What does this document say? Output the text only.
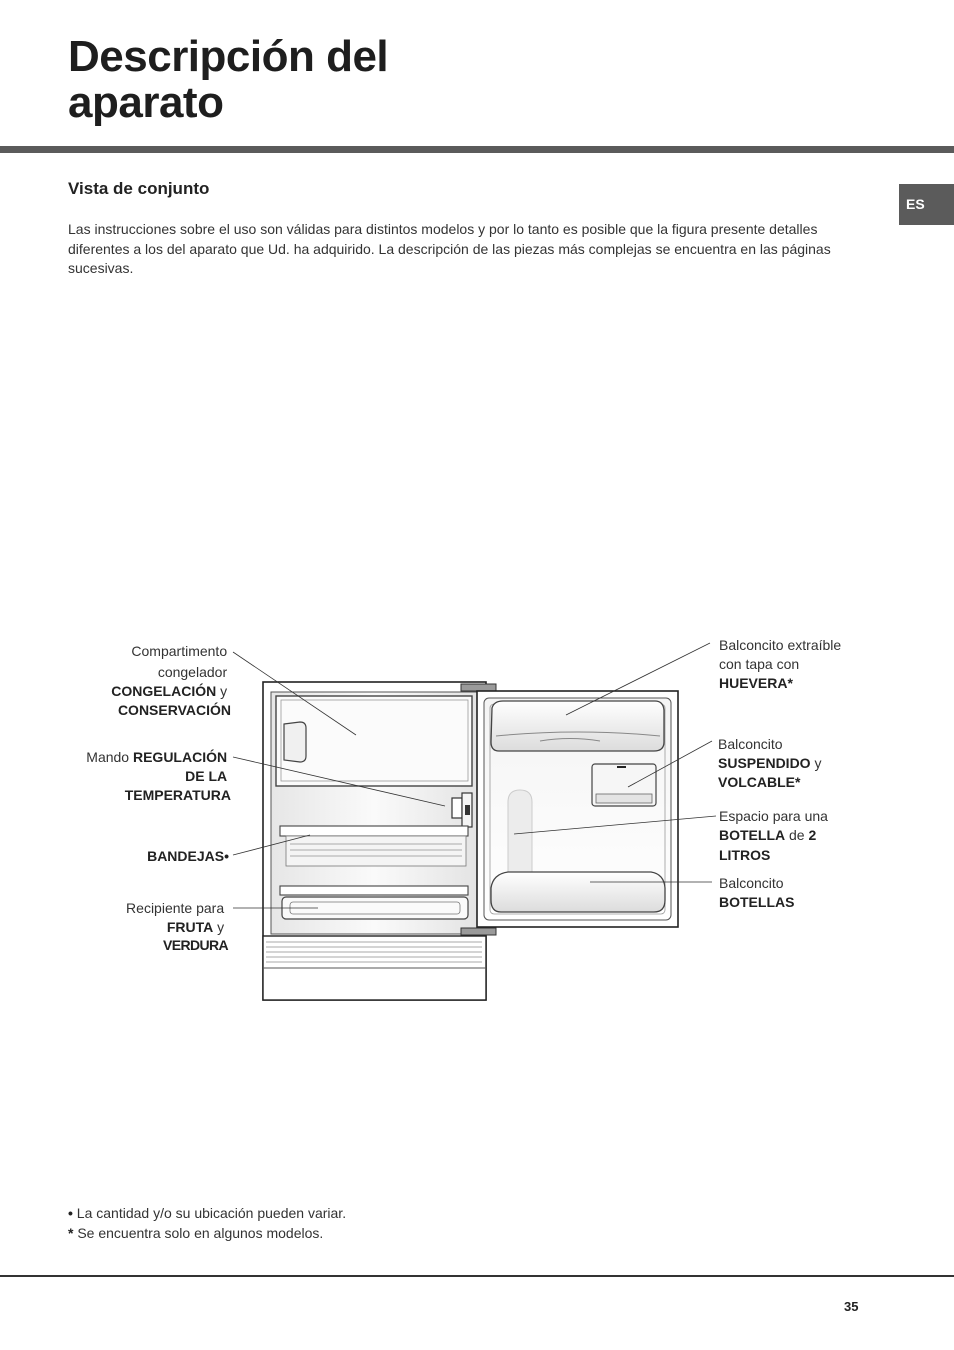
Descripción del
aparato
ES
Vista de conjunto

Las instrucciones sobre el uso son válidas para distintos modelos y por lo tanto es posible que la figura presente detalles diferentes a los del aparato que Ud. ha adquirido. La descripción de las piezas más complejas se encuentra en las páginas sucesivas.

Compartimento congelador CONGELACIÓN y CONSERVACIÓN
Mando REGULACIÓN DE LA TEMPERATURA
BANDEJAS•
Recipiente para FRUTA y VERDURA
Balconcito extraíble con tapa con HUEVERA*
Balconcito SUSPENDIDO y VOLCABLE*
Espacio para una BOTELLA de 2 LITROS
Balconcito BOTELLAS
• La cantidad y/o su ubicación pueden variar.
* Se encuentra solo en algunos modelos.
35
